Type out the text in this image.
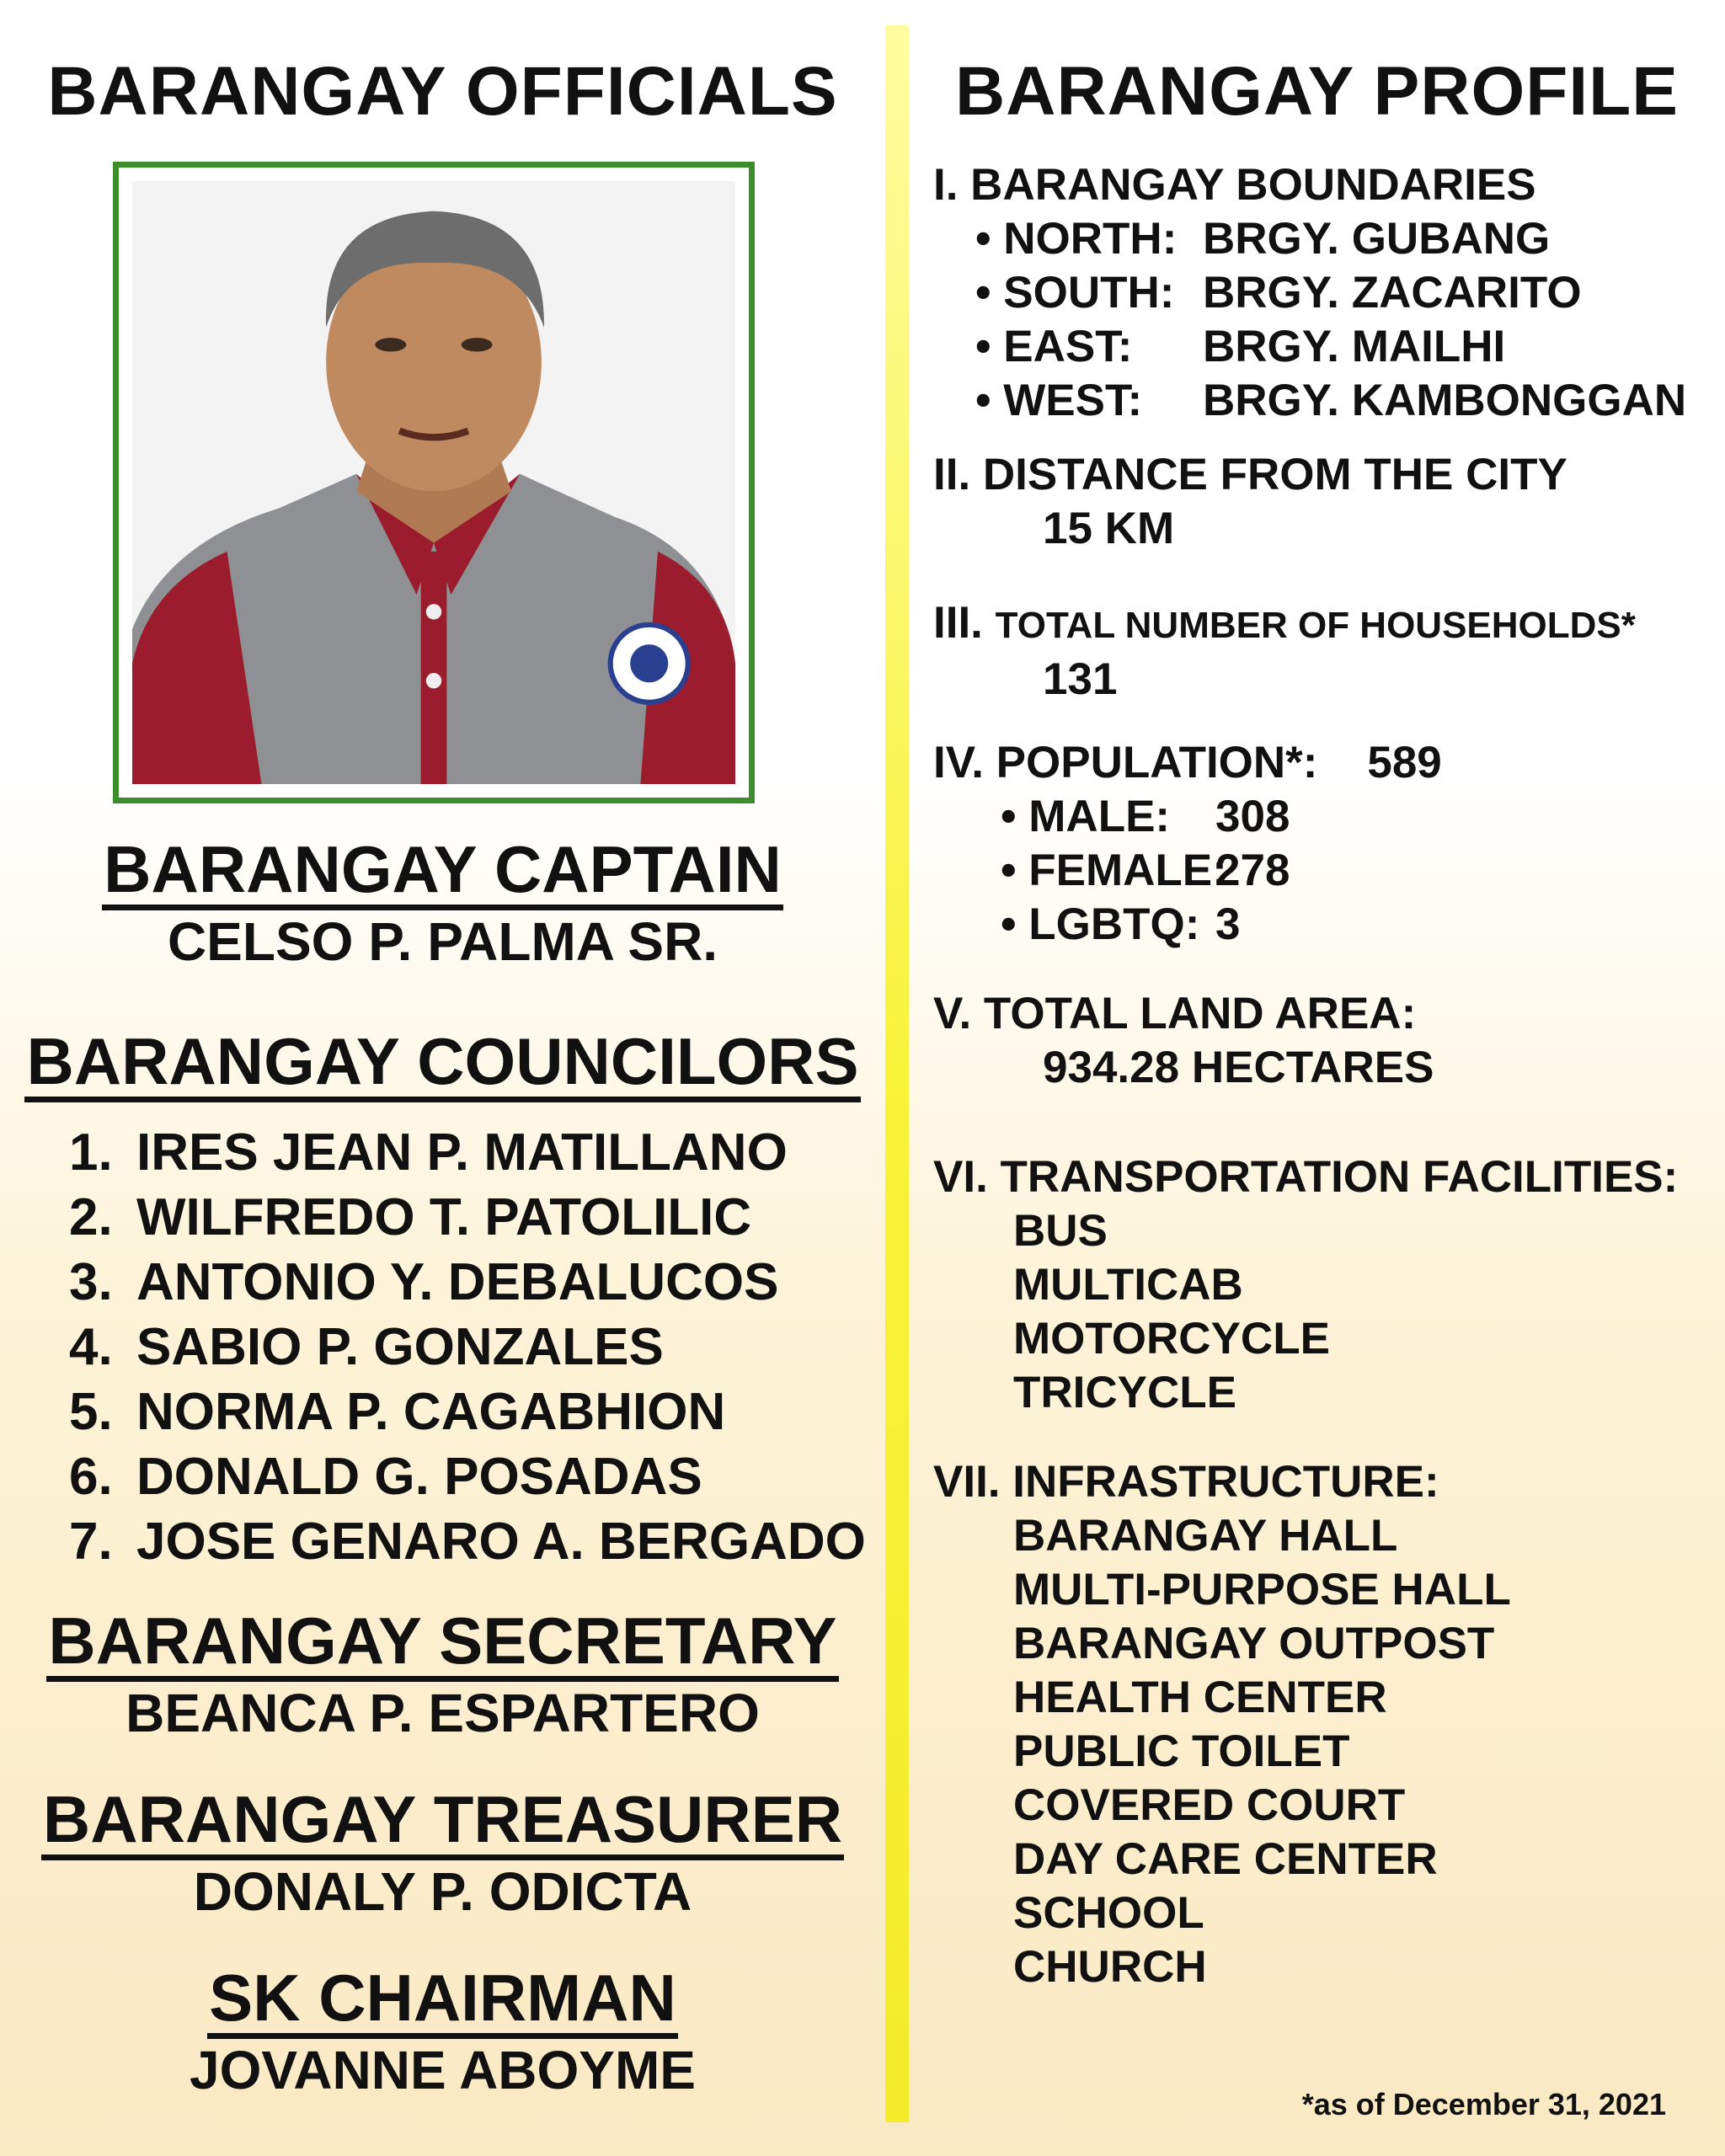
BARANGAY OFFICIALS
BARANGAY CAPTAIN
CELSO P. PALMA SR.
BARANGAY COUNCILORS
1. IRES JEAN P. MATILLANO
2. WILFREDO T. PATOLILIC
3. ANTONIO Y. DEBALUCOS
4. SABIO P. GONZALES
5. NORMA P. CAGABHION
6. DONALD G. POSADAS
7. JOSE GENARO A. BERGADO
BARANGAY SECRETARY
BEANCA P. ESPARTERO
BARANGAY TREASURER
DONALY P. ODICTA
SK CHAIRMAN
JOVANNE ABOYME
BARANGAY PROFILE
I. BARANGAY BOUNDARIES
• NORTH: BRGY. GUBANG
• SOUTH: BRGY. ZACARITO
• EAST: BRGY. MAILHI
• WEST: BRGY. KAMBONGGAN
II. DISTANCE FROM THE CITY
15 KM
III. TOTAL NUMBER OF HOUSEHOLDS*
131
IV. POPULATION*: 589
• MALE: 308
• FEMALE:278
• LGBTQ: 3
V. TOTAL LAND AREA:
934.28 HECTARES
VI. TRANSPORTATION FACILITIES:
BUS
MULTICAB
MOTORCYCLE
TRICYCLE
VII. INFRASTRUCTURE:
BARANGAY HALL
MULTI-PURPOSE HALL
BARANGAY OUTPOST
HEALTH CENTER
PUBLIC TOILET
COVERED COURT
DAY CARE CENTER
SCHOOL
CHURCH

*as of December 31, 2021
